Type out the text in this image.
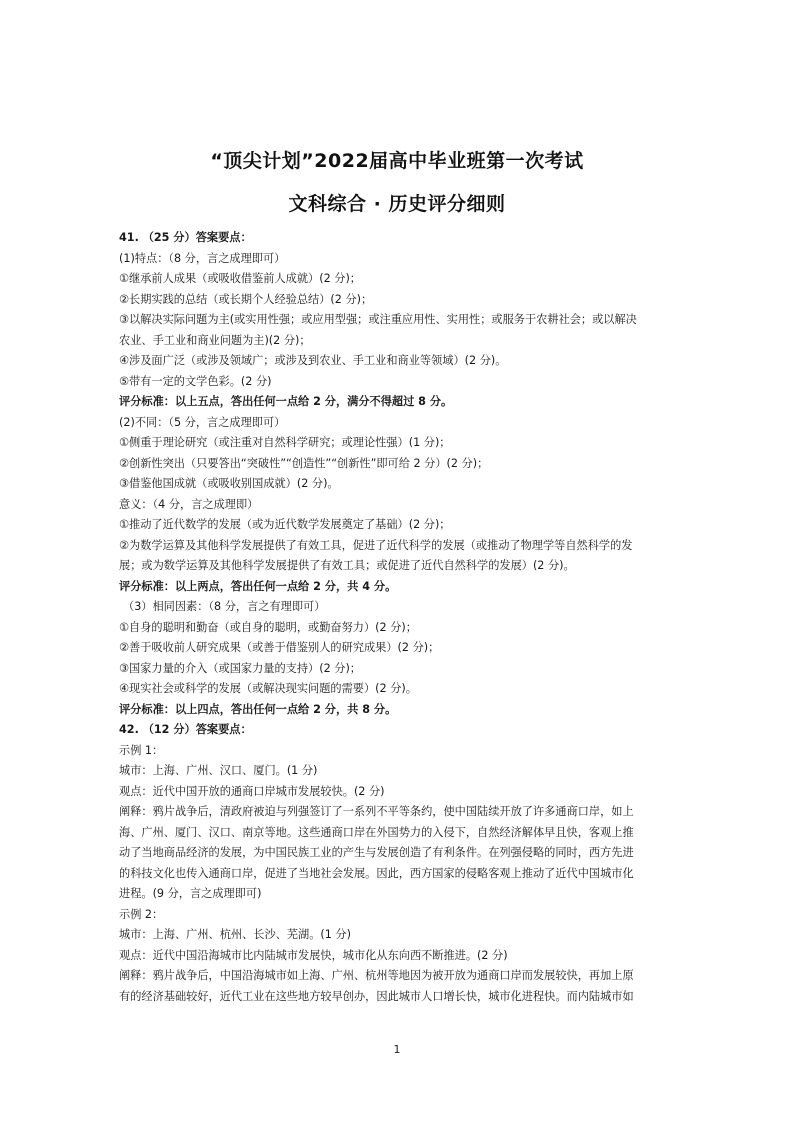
“顶尖计划”2022届高中毕业班第一次考试
文科综合 · 历史评分细则
41. （25 分）答案要点：
(1)特点：（8 分，言之成理即可）
①继承前人成果（或吸收借鉴前人成就）(2 分)；
②长期实践的总结（或长期个人经验总结）(2 分)；
③以解决实际问题为主(或实用性强；或应用型强；或注重应用性、实用性；或服务于农耕社会；或以解决
农业、手工业和商业问题为主)(2 分)；
④涉及面广泛（或涉及领域广；或涉及到农业、手工业和商业等领域）(2 分)。
⑤带有一定的文学色彩。(2 分)
评分标准：以上五点，答出任何一点给 2 分，满分不得超过 8 分。
(2)不同：（5 分，言之成理即可）
①侧重于理论研究（或注重对自然科学研究；或理论性强）(1 分)；
②创新性突出（只要答出“突破性”“创造性”“创新性”即可给 2 分）(2 分)；
③借鉴他国成就（或吸收别国成就）(2 分)。
意义：（4 分，言之成理即）
①推动了近代数学的发展（或为近代数学发展奠定了基础）(2 分)；
②为数学运算及其他科学发展提供了有效工具，促进了近代科学的发展（或推动了物理学等自然科学的发
展；或为数学运算及其他科学发展提供了有效工具；或促进了近代自然科学的发展）(2 分)。
评分标准：以上两点，答出任何一点给 2 分，共 4 分。
（3）相同因素：（8 分，言之有理即可）
①自身的聪明和勤奋（或自身的聪明，或勤奋努力）(2 分)；
②善于吸收前人研究成果（或善于借鉴别人的研究成果）(2 分)；
③国家力量的介入（或国家力量的支持）(2 分)；
④现实社会或科学的发展（或解决现实问题的需要）(2 分)。
评分标准：以上四点，答出任何一点给 2 分，共 8 分。
42. （12 分）答案要点：
示例 1：
城市：上海、广州、汉口、厦门。(1 分)
观点：近代中国开放的通商口岸城市发展较快。(2 分)
阐释：鸦片战争后，清政府被迫与列强签订了一系列不平等条约，使中国陆续开放了许多通商口岸，如上
海、广州、厦门、汉口、南京等地。这些通商口岸在外国势力的入侵下，自然经济解体早且快，客观上推
动了当地商品经济的发展，为中国民族工业的产生与发展创造了有利条件。在列强侵略的同时，西方先进
的科技文化也传入通商口岸，促进了当地社会发展。因此，西方国家的侵略客观上推动了近代中国城市化
进程。(9 分，言之成理即可)
示例 2：
城市：上海、广州、杭州、长沙、芜湖。(1 分)
观点：近代中国沿海城市比内陆城市发展快，城市化从东向西不断推进。(2 分)
阐释：鸦片战争后，中国沿海城市如上海、广州、杭州等地因为被开放为通商口岸而发展较快，再加上原
有的经济基础较好，近代工业在这些地方较早创办，因此城市人口增长快，城市化进程快。而内陆城市如
1
